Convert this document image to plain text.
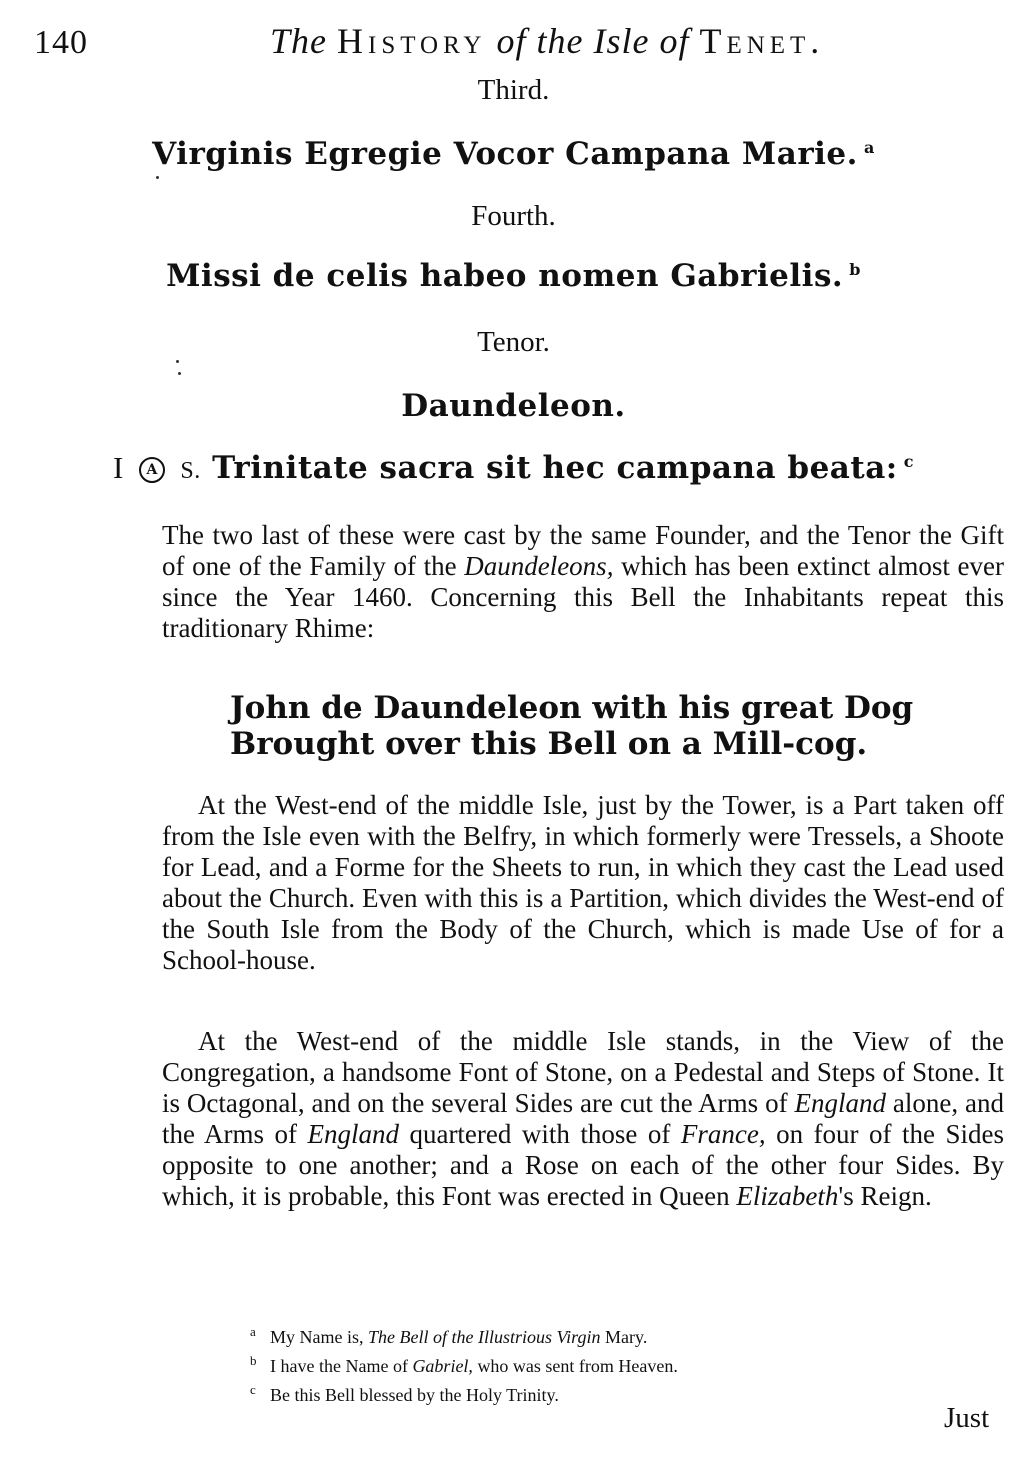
140	The History of the Isle of Tenet.
Third.
Virginis Egregie Vocor Campana Marie. $^a$
Fourth.
Missi de celis habeo nomen Gabrielis. $^b$
Tenor.
Daundeleon.
I A S. Trinitate sacra sit hec campana beata: $^c$

The two last of these were cast by the same Founder, and the Tenor the Gift of one of the Family of the Daundeleons, which has been extinct almost ever since the Year 1460. Concerning this Bell the Inhabitants repeat this traditionary Rhime:

John de Daundeleon with his great Dog
Brought over this Bell on a Mill-cog.

At the West-end of the middle Isle, just by the Tower, is a Part taken off from the Isle even with the Belfry, in which formerly were Tressels, a Shoote for Lead, and a Forme for the Sheets to run, in which they cast the Lead used about the Church. Even with this is a Partition, which divides the West-end of the South Isle from the Body of the Church, which is made Use of for a School-house.

At the West-end of the middle Isle stands, in the View of the Congregation, a handsome Font of Stone, on a Pedestal and Steps of Stone. It is Octagonal, and on the several Sides are cut the Arms of England alone, and the Arms of England quartered with those of France, on four of the Sides opposite to one another; and a Rose on each of the other four Sides. By which, it is probable, this Font was erected in Queen Elizabeth's Reign.

a My Name is, The Bell of the Illustrious Virgin Mary.
b I have the Name of Gabriel, who was sent from Heaven.
c Be this Bell blessed by the Holy Trinity.
Just
